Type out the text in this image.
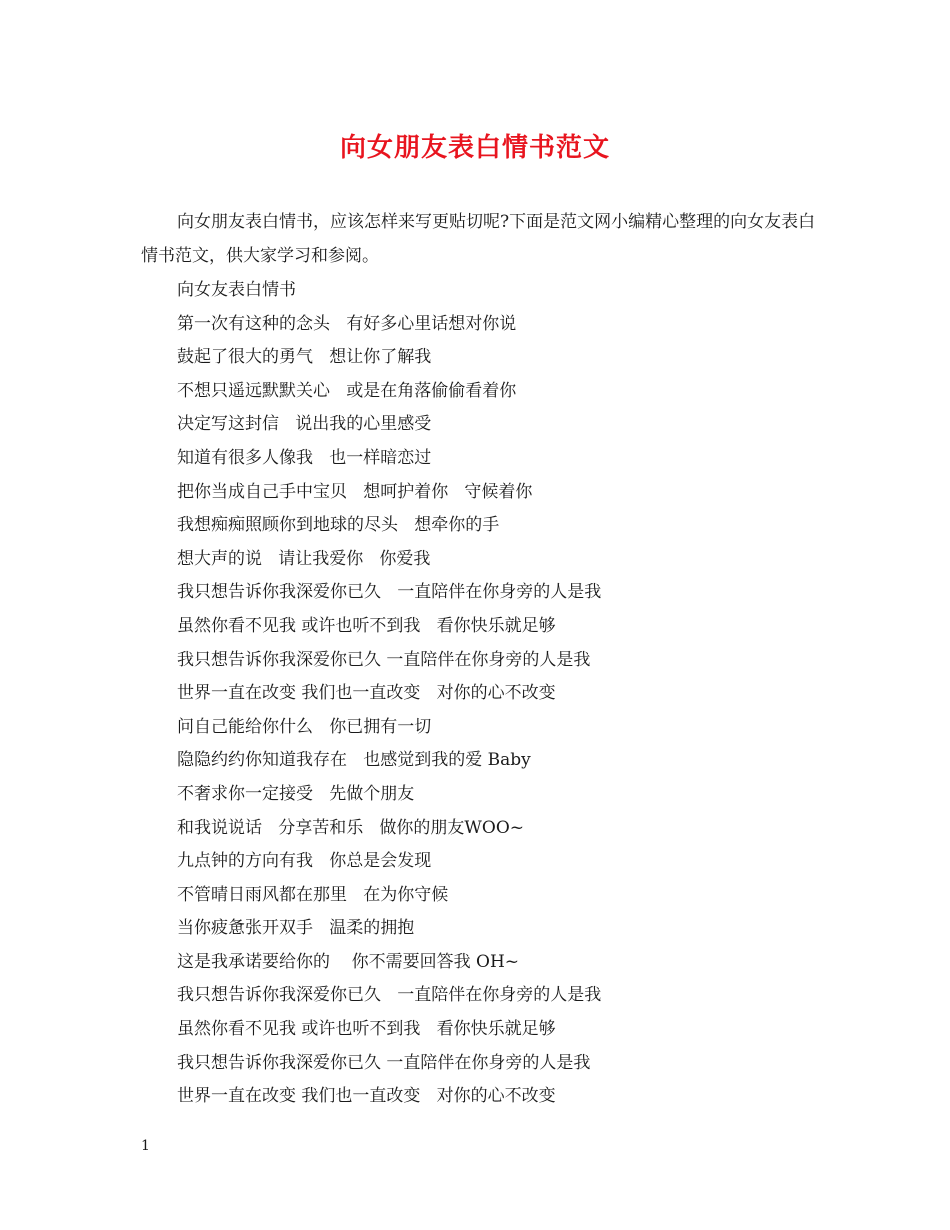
向女朋友表白情书范文

向女朋友表白情书，应该怎样来写更贴切呢?下面是范文网小编精心整理的向女友表白情书范文，供大家学习和参阅。

向女友表白情书
第一次有这种的念头   有好多心里话想对你说
鼓起了很大的勇气   想让你了解我
不想只遥远默默关心   或是在角落偷偷看着你
决定写这封信   说出我的心里感受
知道有很多人像我   也一样暗恋过
把你当成自己手中宝贝   想呵护着你   守候着你
我想痴痴照顾你到地球的尽头   想牵你的手
想大声的说   请让我爱你   你爱我
我只想告诉你我深爱你已久   一直陪伴在你身旁的人是我
虽然你看不见我 或许也听不到我   看你快乐就足够
我只想告诉你我深爱你已久 一直陪伴在你身旁的人是我
世界一直在改变 我们也一直改变   对你的心不改变
问自己能给你什么   你已拥有一切
隐隐约约你知道我存在   也感觉到我的爱 Baby
不奢求你一定接受   先做个朋友
和我说说话   分享苦和乐   做你的朋友WOO~
九点钟的方向有我   你总是会发现
不管晴日雨风都在那里   在为你守候
当你疲惫张开双手   温柔的拥抱
这是我承诺要给你的    你不需要回答我 OH~
我只想告诉你我深爱你已久   一直陪伴在你身旁的人是我
虽然你看不见我 或许也听不到我   看你快乐就足够
我只想告诉你我深爱你已久 一直陪伴在你身旁的人是我
世界一直在改变 我们也一直改变   对你的心不改变
1
